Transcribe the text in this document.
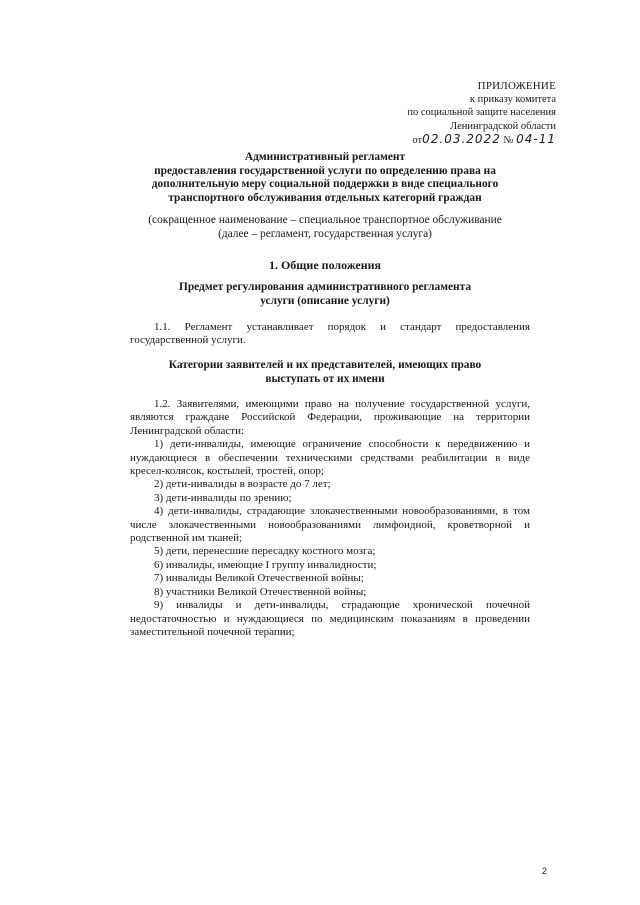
ПРИЛОЖЕНИЕ
к приказу комитета
по социальной защите населения
Ленинградской области
от02.03.2022 № 04-11
Административный регламент
предоставления государственной услуги по определению права на
дополнительную меру социальной поддержки в виде специального
транспортного обслуживания отдельных категорий граждан
(сокращенное наименование – специальное транспортное обслуживание
(далее – регламент, государственная услуга)
1. Общие положения
Предмет регулирования административного регламента
услуги (описание услуги)
1.1. Регламент устанавливает порядок и стандарт предоставления
государственной услуги.
Категории заявителей и их представителей, имеющих право
выступать от их имени
1.2. Заявителями, имеющими право на получение государственной услуги,
являются граждане Российской Федерации, проживающие на территории
Ленинградской области:

1) дети-инвалиды, имеющие ограничение способности к передвижению и нуждающиеся в обеспечении техническими средствами реабилитации в виде кресел-колясок, костылей, тростей, опор;

2) дети-инвалиды в возрасте до 7 лет;

3) дети-инвалиды по зрению;

4) дети-инвалиды, страдающие злокачественными новообразованиями, в том числе злокачественными новообразованиями лимфоидной, кроветворной и родственной им тканей;

5) дети, перенесшие пересадку костного мозга;

6) инвалиды, имеющие I группу инвалидности;

7) инвалиды Великой Отечественной войны;

8) участники Великой Отечественной войны;

9) инвалиды и дети-инвалиды, страдающие хронической почечной недостаточностью и нуждающиеся по медицинским показаниям в проведении заместительной почечной терапии;

2
